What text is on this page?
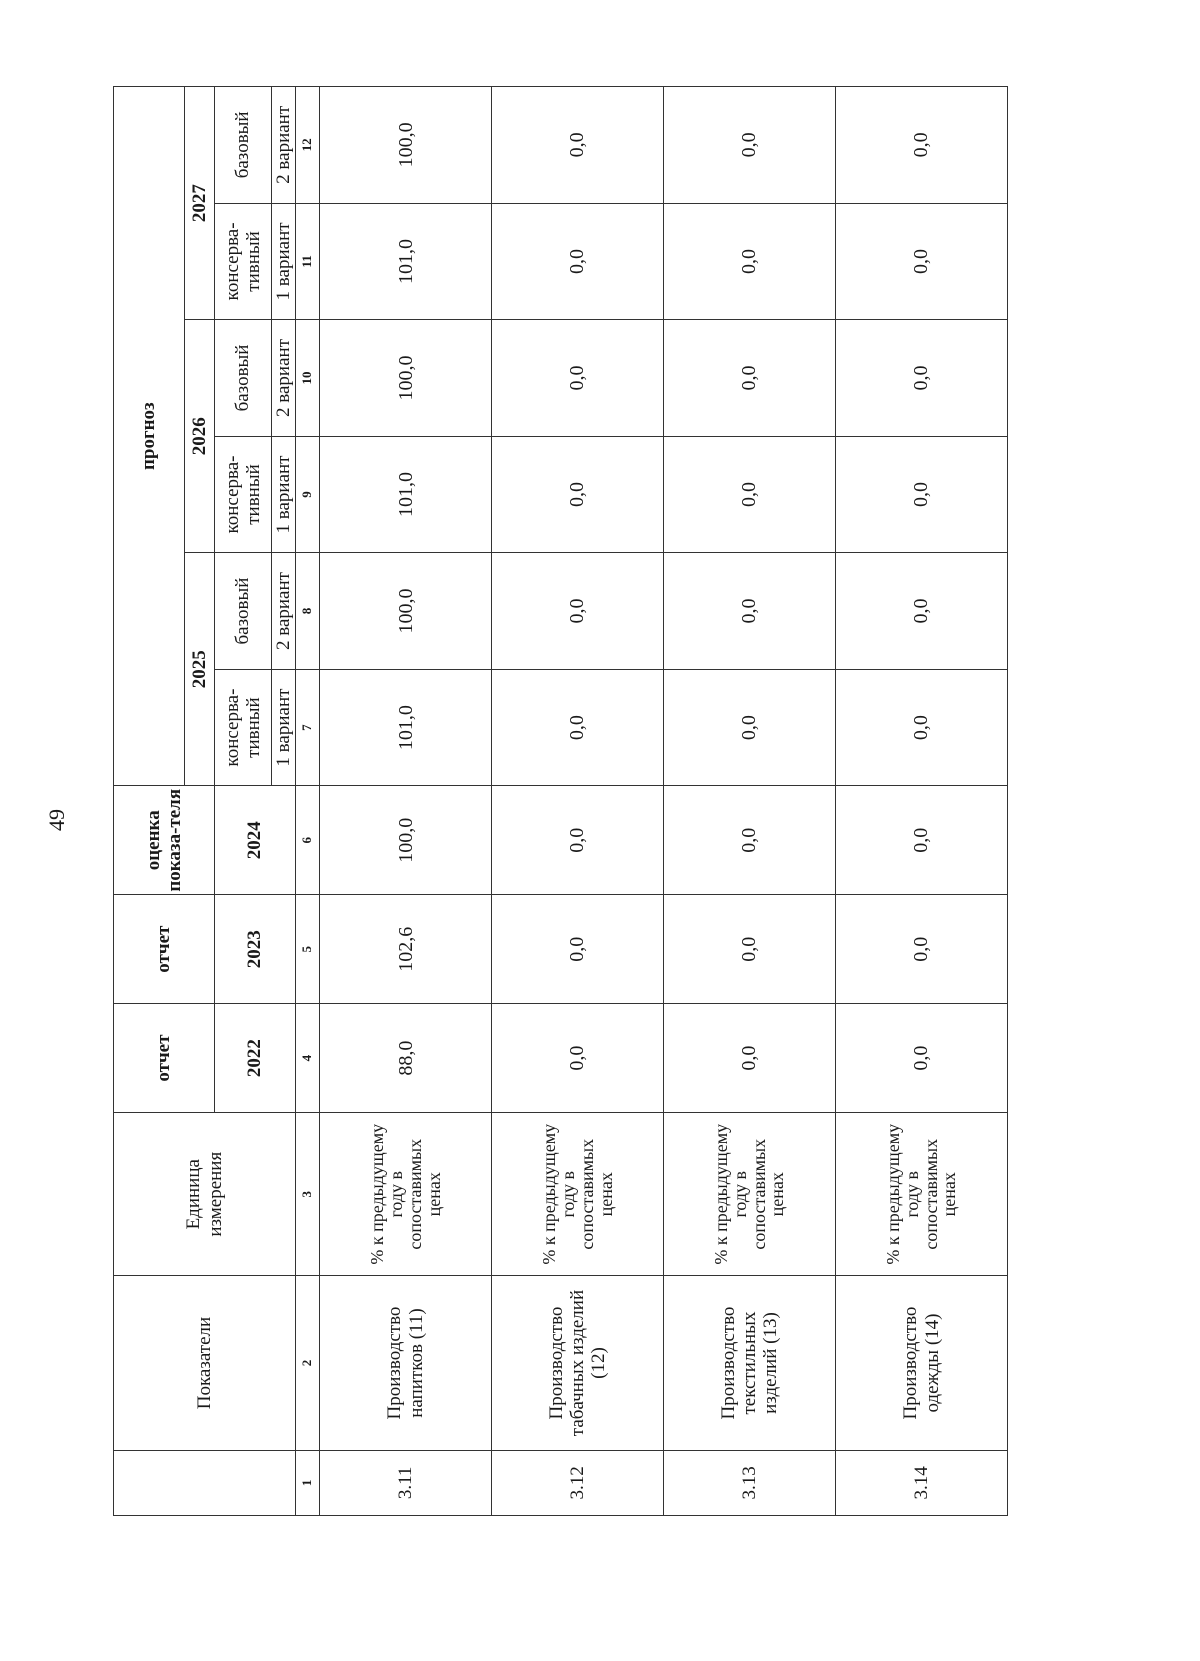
49
	Показатели	Единица измерения	отчет	отчет	оценка показа-теля	прогноз					
						2025		2026		2027	
			2022	2023	2024	консерва-тивный	базовый	консерва-тивный	базовый	консерва-тивный	базовый
						1 вариант	2 вариант	1 вариант	2 вариант	1 вариант	2 вариант
1	2	3	4	5	6	7	8	9	10	11	12
3.11	Производство напитков (11)	% к предыдущему году в сопоставимых ценах	88,0	102,6	100,0	101,0	100,0	101,0	100,0	101,0	100,0
3.12	Производство табачных изделий (12)	% к предыдущему году в сопоставимых ценах	0,0	0,0	0,0	0,0	0,0	0,0	0,0	0,0	0,0
3.13	Производство текстильных изделий (13)	% к предыдущему году в сопоставимых ценах	0,0	0,0	0,0	0,0	0,0	0,0	0,0	0,0	0,0
3.14	Производство одежды (14)	% к предыдущему году в сопоставимых ценах	0,0	0,0	0,0	0,0	0,0	0,0	0,0	0,0	0,0
